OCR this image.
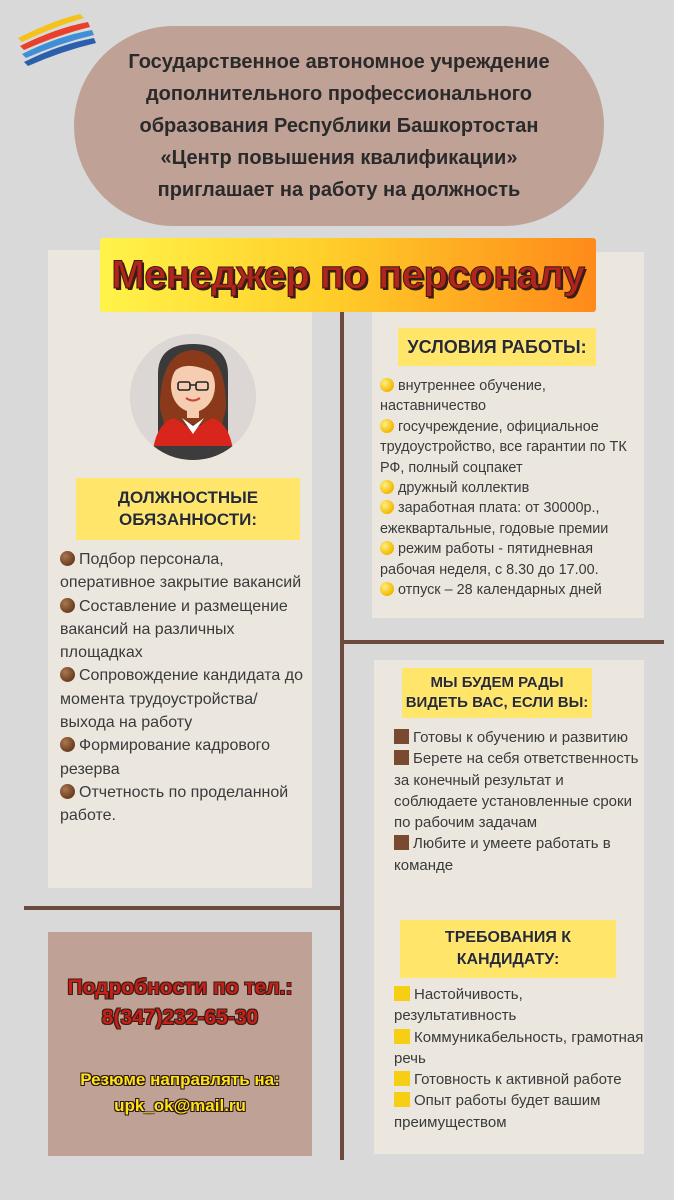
Государственное автономное учреждение
дополнительного профессионального
образования Республики Башкортостан
«Центр повышения квалификации»
приглашает на работу на должность
Менеджер по персоналу
ДОЛЖНОСТНЫЕ ОБЯЗАННОСТИ:
Подбор персонала, оперативное закрытие вакансий
Составление и размещение вакансий на различных площадках
Сопровождение кандидата до момента трудоустройства/выхода на работу
Формирование кадрового резерва
Отчетность по проделанной работе.
УСЛОВИЯ РАБОТЫ:
внутреннее обучение, наставничество
госучреждение, официальное трудоустройство, все гарантии по ТК РФ, полный соцпакет
дружный коллектив
заработная плата: от 30000р., ежеквартальные, годовые премии
режим работы - пятидневная рабочая неделя, с 8.30 до 17.00.
отпуск – 28 календарных дней
МЫ БУДЕМ РАДЫ ВИДЕТЬ ВАС, ЕСЛИ ВЫ:
Готовы к обучению и развитию
Берете на себя ответственность за конечный результат и соблюдаете установленные сроки по рабочим задачам
Любите и умеете работать в команде
ТРЕБОВАНИЯ К КАНДИДАТУ:
Настойчивость, результативность
Коммуникабельность, грамотная речь
Готовность к активной работе
Опыт работы будет вашим преимуществом
Подробности по тел.:
8(347)232-65-30
Резюме направлять на:
upk_ok@mail.ru
